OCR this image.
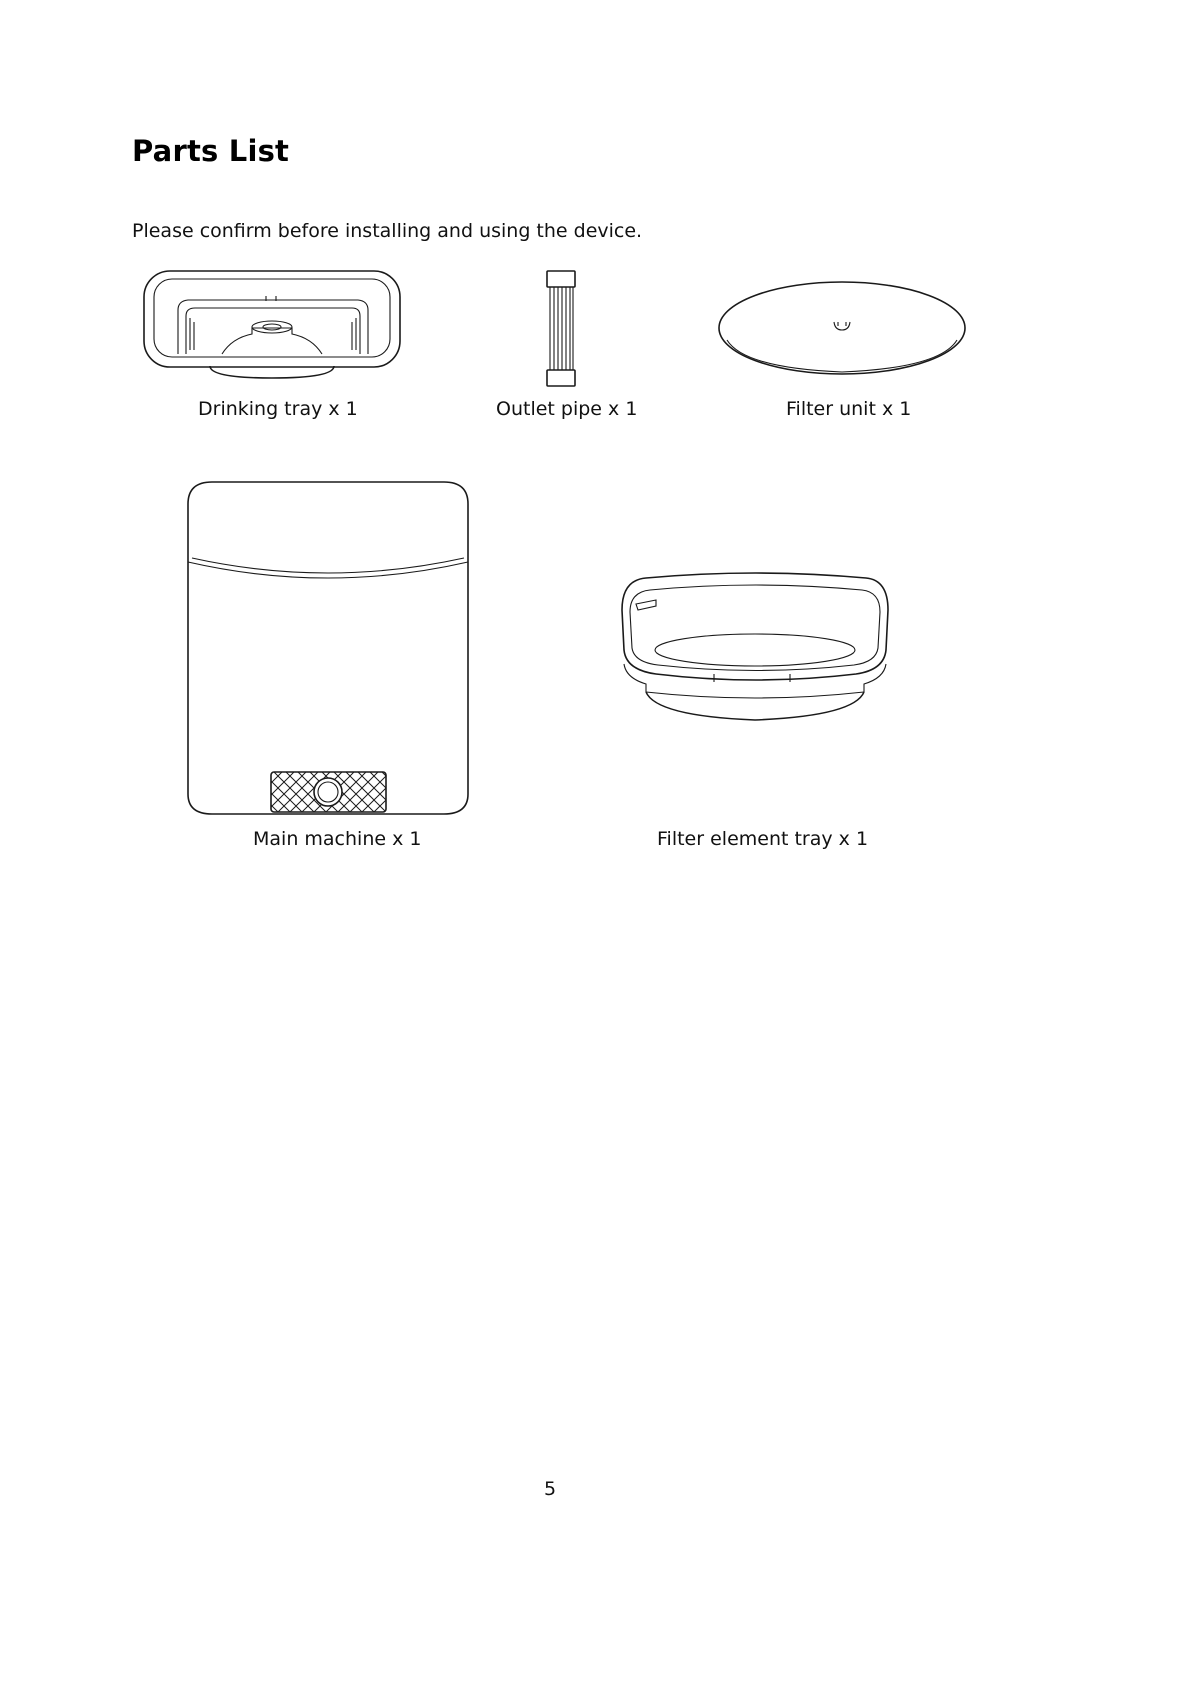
Parts List

Please confirm before installing and using the device.

Drinking tray x 1	Outlet pipe x 1	Filter unit x 1
Main machine x 1	Filter element tray x 1
5
